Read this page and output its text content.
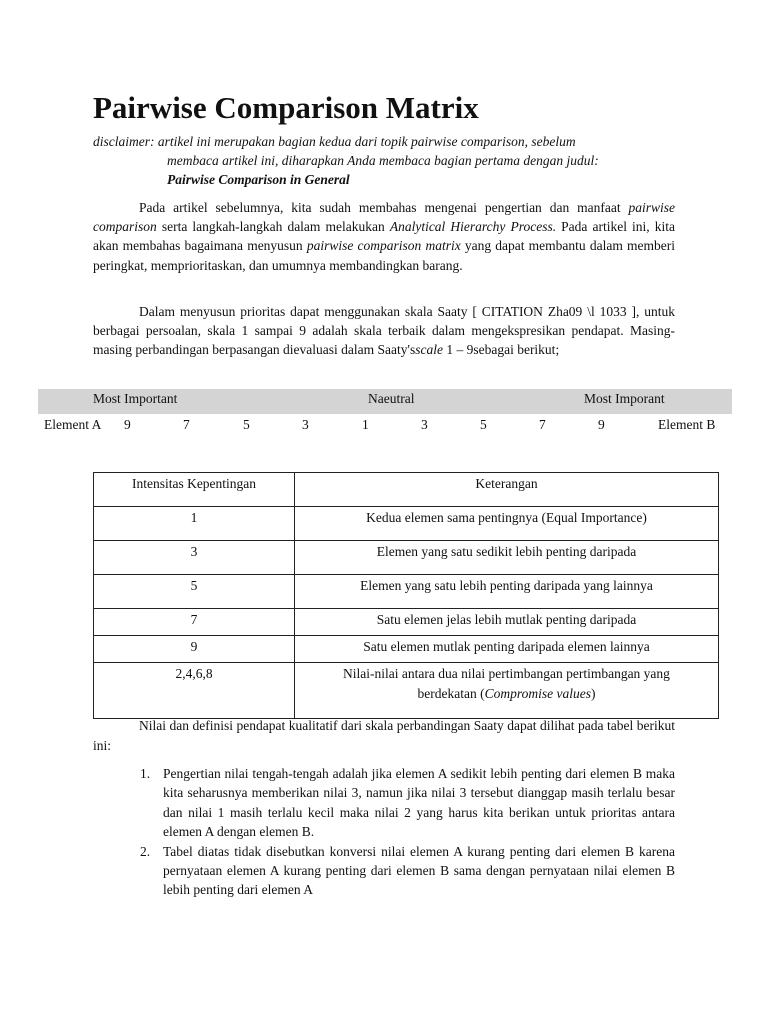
Pairwise Comparison Matrix
disclaimer: artikel ini merupakan bagian kedua dari topik pairwise comparison, sebelum
membaca artikel ini, diharapkan Anda membaca bagian pertama dengan judul:
Pairwise Comparison in General

Pada artikel sebelumnya, kita sudah membahas mengenai pengertian dan manfaat pairwise comparison serta langkah-langkah dalam melakukan Analytical Hierarchy Process. Pada artikel ini, kita akan membahas bagaimana menyusun pairwise comparison matrix yang dapat membantu dalam memberi peringkat, memprioritaskan, dan umumnya membandingkan barang.

Dalam menyusun prioritas dapat menggunakan skala Saaty [ CITATION Zha09 \l 1033 ], untuk berbagai persoalan, skala 1 sampai 9 adalah skala terbaik dalam mengekspresikan pendapat. Masing-masing perbandingan berpasangan dievaluasi dalam Saaty'sscale 1 – 9sebagai berikut;

Most Important	Naeutral	Most Imporant
Element A 9	7	5	3	1	3	5	7	9	Element B
Intensitas Kepentingan	Keterangan
1	Kedua elemen sama pentingnya (Equal Importance)
3	Elemen yang satu sedikit lebih penting daripada
5	Elemen yang satu lebih penting daripada yang lainnya
7	Satu elemen jelas lebih mutlak penting daripada
9	Satu elemen mutlak penting daripada elemen lainnya
2,4,6,8	Nilai-nilai antara dua nilai pertimbangan pertimbangan yang
berdekatan (Compromise values)

Nilai dan definisi pendapat kualitatif dari skala perbandingan Saaty dapat dilihat pada tabel berikut ini:

1. Pengertian nilai tengah-tengah adalah jika elemen A sedikit lebih penting dari elemen B maka kita seharusnya memberikan nilai 3, namun jika nilai 3 tersebut dianggap masih terlalu besar dan nilai 1 masih terlalu kecil maka nilai 2 yang harus kita berikan untuk prioritas antara elemen A dengan elemen B.
2. Tabel diatas tidak disebutkan konversi nilai elemen A kurang penting dari elemen B karena pernyataan elemen A kurang penting dari elemen B sama dengan pernyataan nilai elemen B lebih penting dari elemen A
